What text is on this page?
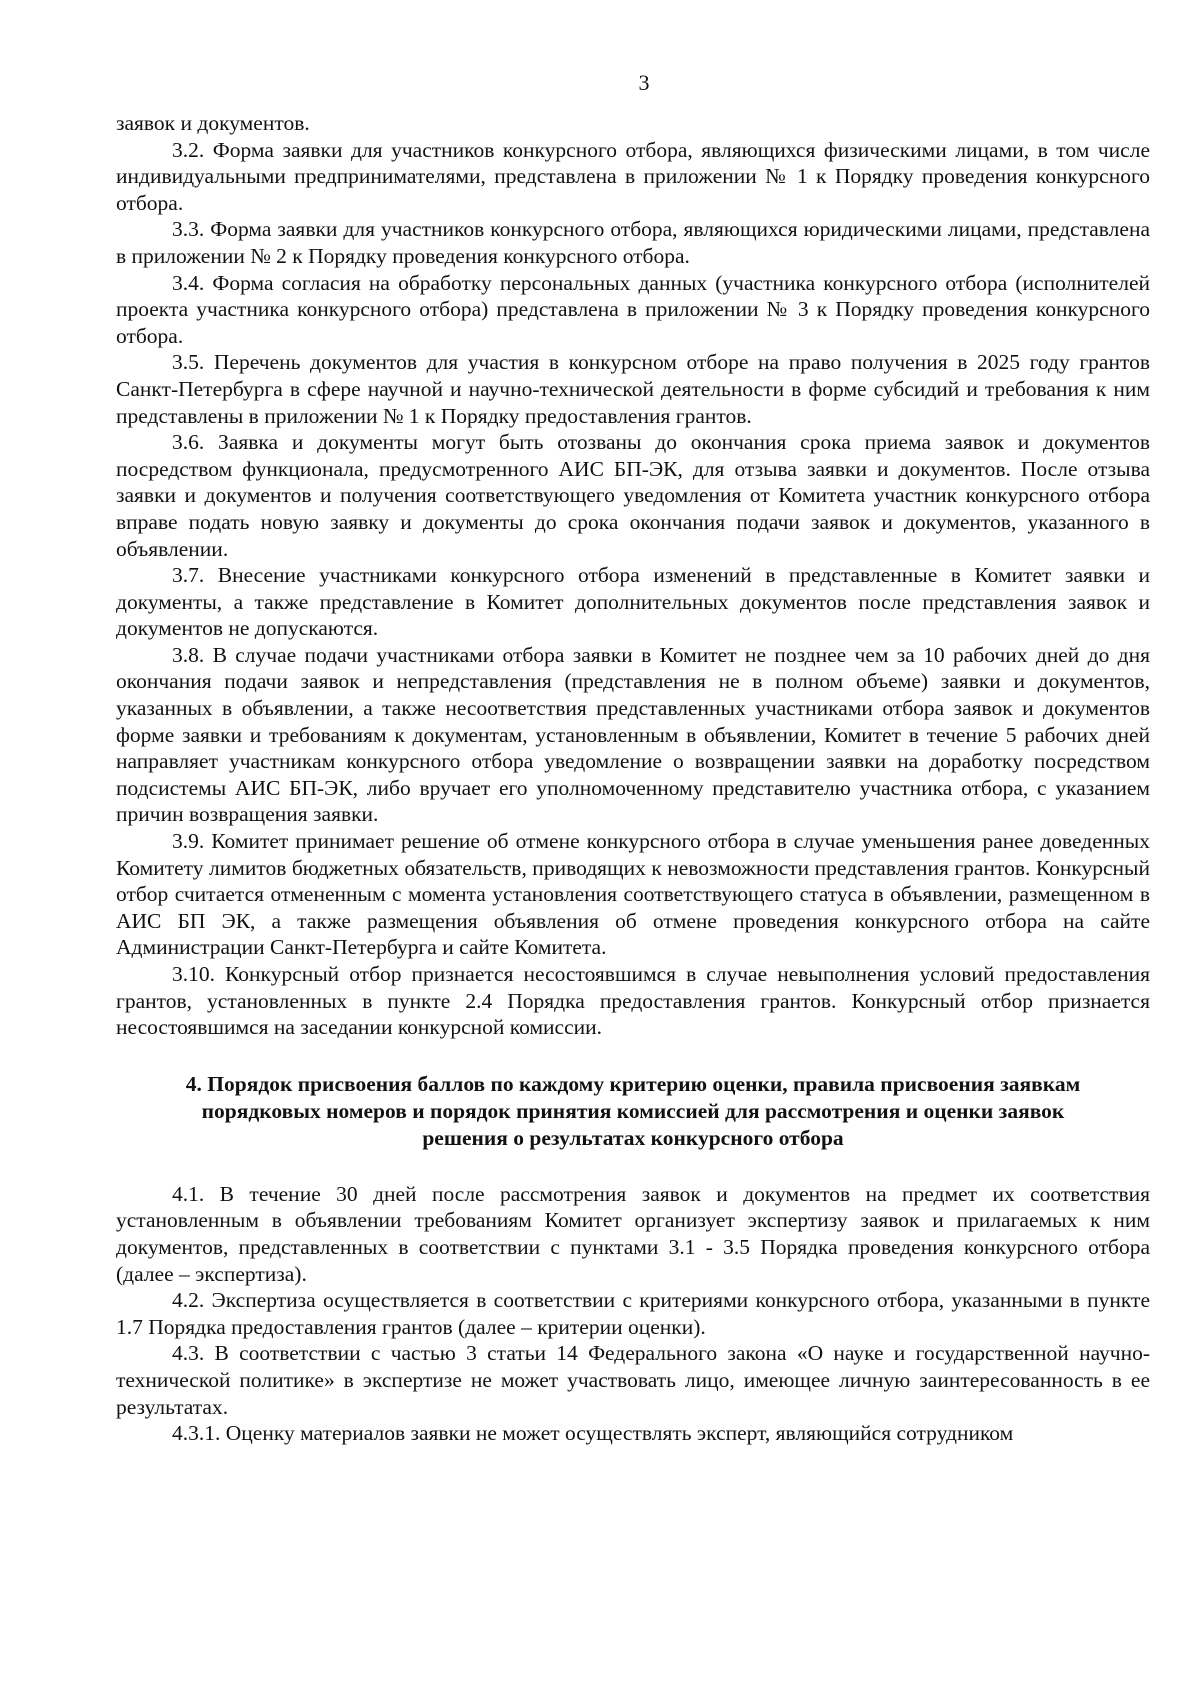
3

заявок и документов.

3.2. Форма заявки для участников конкурсного отбора, являющихся физическими лицами, в том числе индивидуальными предпринимателями, представлена в приложении № 1 к Порядку проведения конкурсного отбора.

3.3. Форма заявки для участников конкурсного отбора, являющихся юридическими лицами, представлена в приложении № 2 к Порядку проведения конкурсного отбора.

3.4. Форма согласия на обработку персональных данных (участника конкурсного отбора (исполнителей проекта участника конкурсного отбора) представлена в приложении № 3 к Порядку проведения конкурсного отбора.

3.5. Перечень документов для участия в конкурсном отборе на право получения в 2025 году грантов Санкт-Петербурга в сфере научной и научно-технической деятельности в форме субсидий и требования к ним представлены в приложении № 1 к Порядку предоставления грантов.

3.6. Заявка и документы могут быть отозваны до окончания срока приема заявок и документов посредством функционала, предусмотренного АИС БП-ЭК, для отзыва заявки и документов. После отзыва заявки и документов и получения соответствующего уведомления от Комитета участник конкурсного отбора вправе подать новую заявку и документы до срока окончания подачи заявок и документов, указанного в объявлении.

3.7. Внесение участниками конкурсного отбора изменений в представленные в Комитет заявки и документы, а также представление в Комитет дополнительных документов после представления заявок и документов не допускаются.

3.8. В случае подачи участниками отбора заявки в Комитет не позднее чем за 10 рабочих дней до дня окончания подачи заявок и непредставления (представления не в полном объеме) заявки и документов, указанных в объявлении, а также несоответствия представленных участниками отбора заявок и документов форме заявки и требованиям к документам, установленным в объявлении, Комитет в течение 5 рабочих дней направляет участникам конкурсного отбора уведомление о возвращении заявки на доработку посредством подсистемы АИС БП-ЭК, либо вручает его уполномоченному представителю участника отбора, с указанием причин возвращения заявки.

3.9. Комитет принимает решение об отмене конкурсного отбора в случае уменьшения ранее доведенных Комитету лимитов бюджетных обязательств, приводящих к невозможности представления грантов. Конкурсный отбор считается отмененным с момента установления соответствующего статуса в объявлении, размещенном в АИС БП ЭК, а также размещения объявления об отмене проведения конкурсного отбора на сайте Администрации Санкт-Петербурга и сайте Комитета.

3.10. Конкурсный отбор признается несостоявшимся в случае невыполнения условий предоставления грантов, установленных в пункте 2.4 Порядка предоставления грантов. Конкурсный отбор признается несостоявшимся на заседании конкурсной комиссии.

4. Порядок присвоения баллов по каждому критерию оценки, правила присвоения заявкам
порядковых номеров и порядок принятия комиссией для рассмотрения и оценки заявок
решения о результатах конкурсного отбора

4.1. В течение 30 дней после рассмотрения заявок и документов на предмет их соответствия установленным в объявлении требованиям Комитет организует экспертизу заявок и прилагаемых к ним документов, представленных в соответствии с пунктами 3.1 - 3.5 Порядка проведения конкурсного отбора (далее – экспертиза).

4.2. Экспертиза осуществляется в соответствии с критериями конкурсного отбора, указанными в пункте 1.7 Порядка предоставления грантов (далее – критерии оценки).

4.3. В соответствии с частью 3 статьи 14 Федерального закона «О науке и государственной научно-технической политике» в экспертизе не может участвовать лицо, имеющее личную заинтересованность в ее результатах.

4.3.1. Оценку материалов заявки не может осуществлять эксперт, являющийся сотрудником
